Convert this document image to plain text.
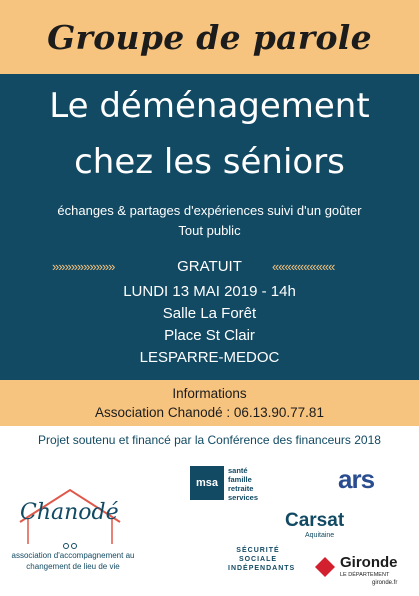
Groupe de parole
Le déménagement
chez les séniors
échanges & partages d'expériences suivi d'un goûter
Tout public
»»»»»»»»»»	GRATUIT	««««««««««
LUNDI 13 MAI 2019 - 14h
Salle La Forêt
Place St Clair
LESPARRE-MEDOC
Informations
Association Chanodé : 06.13.90.77.81
Projet soutenu et financé par la Conférence des financeurs 2018
Chanodé
association d'accompagnement au changement de lieu de vie
msa
santé
famille
retraite
services
SÉCURITÉ SOCIALE INDÉPENDANTS
ars
Carsat
Aquitaine
Gironde
LE DÉPARTEMENT
gironde.fr
